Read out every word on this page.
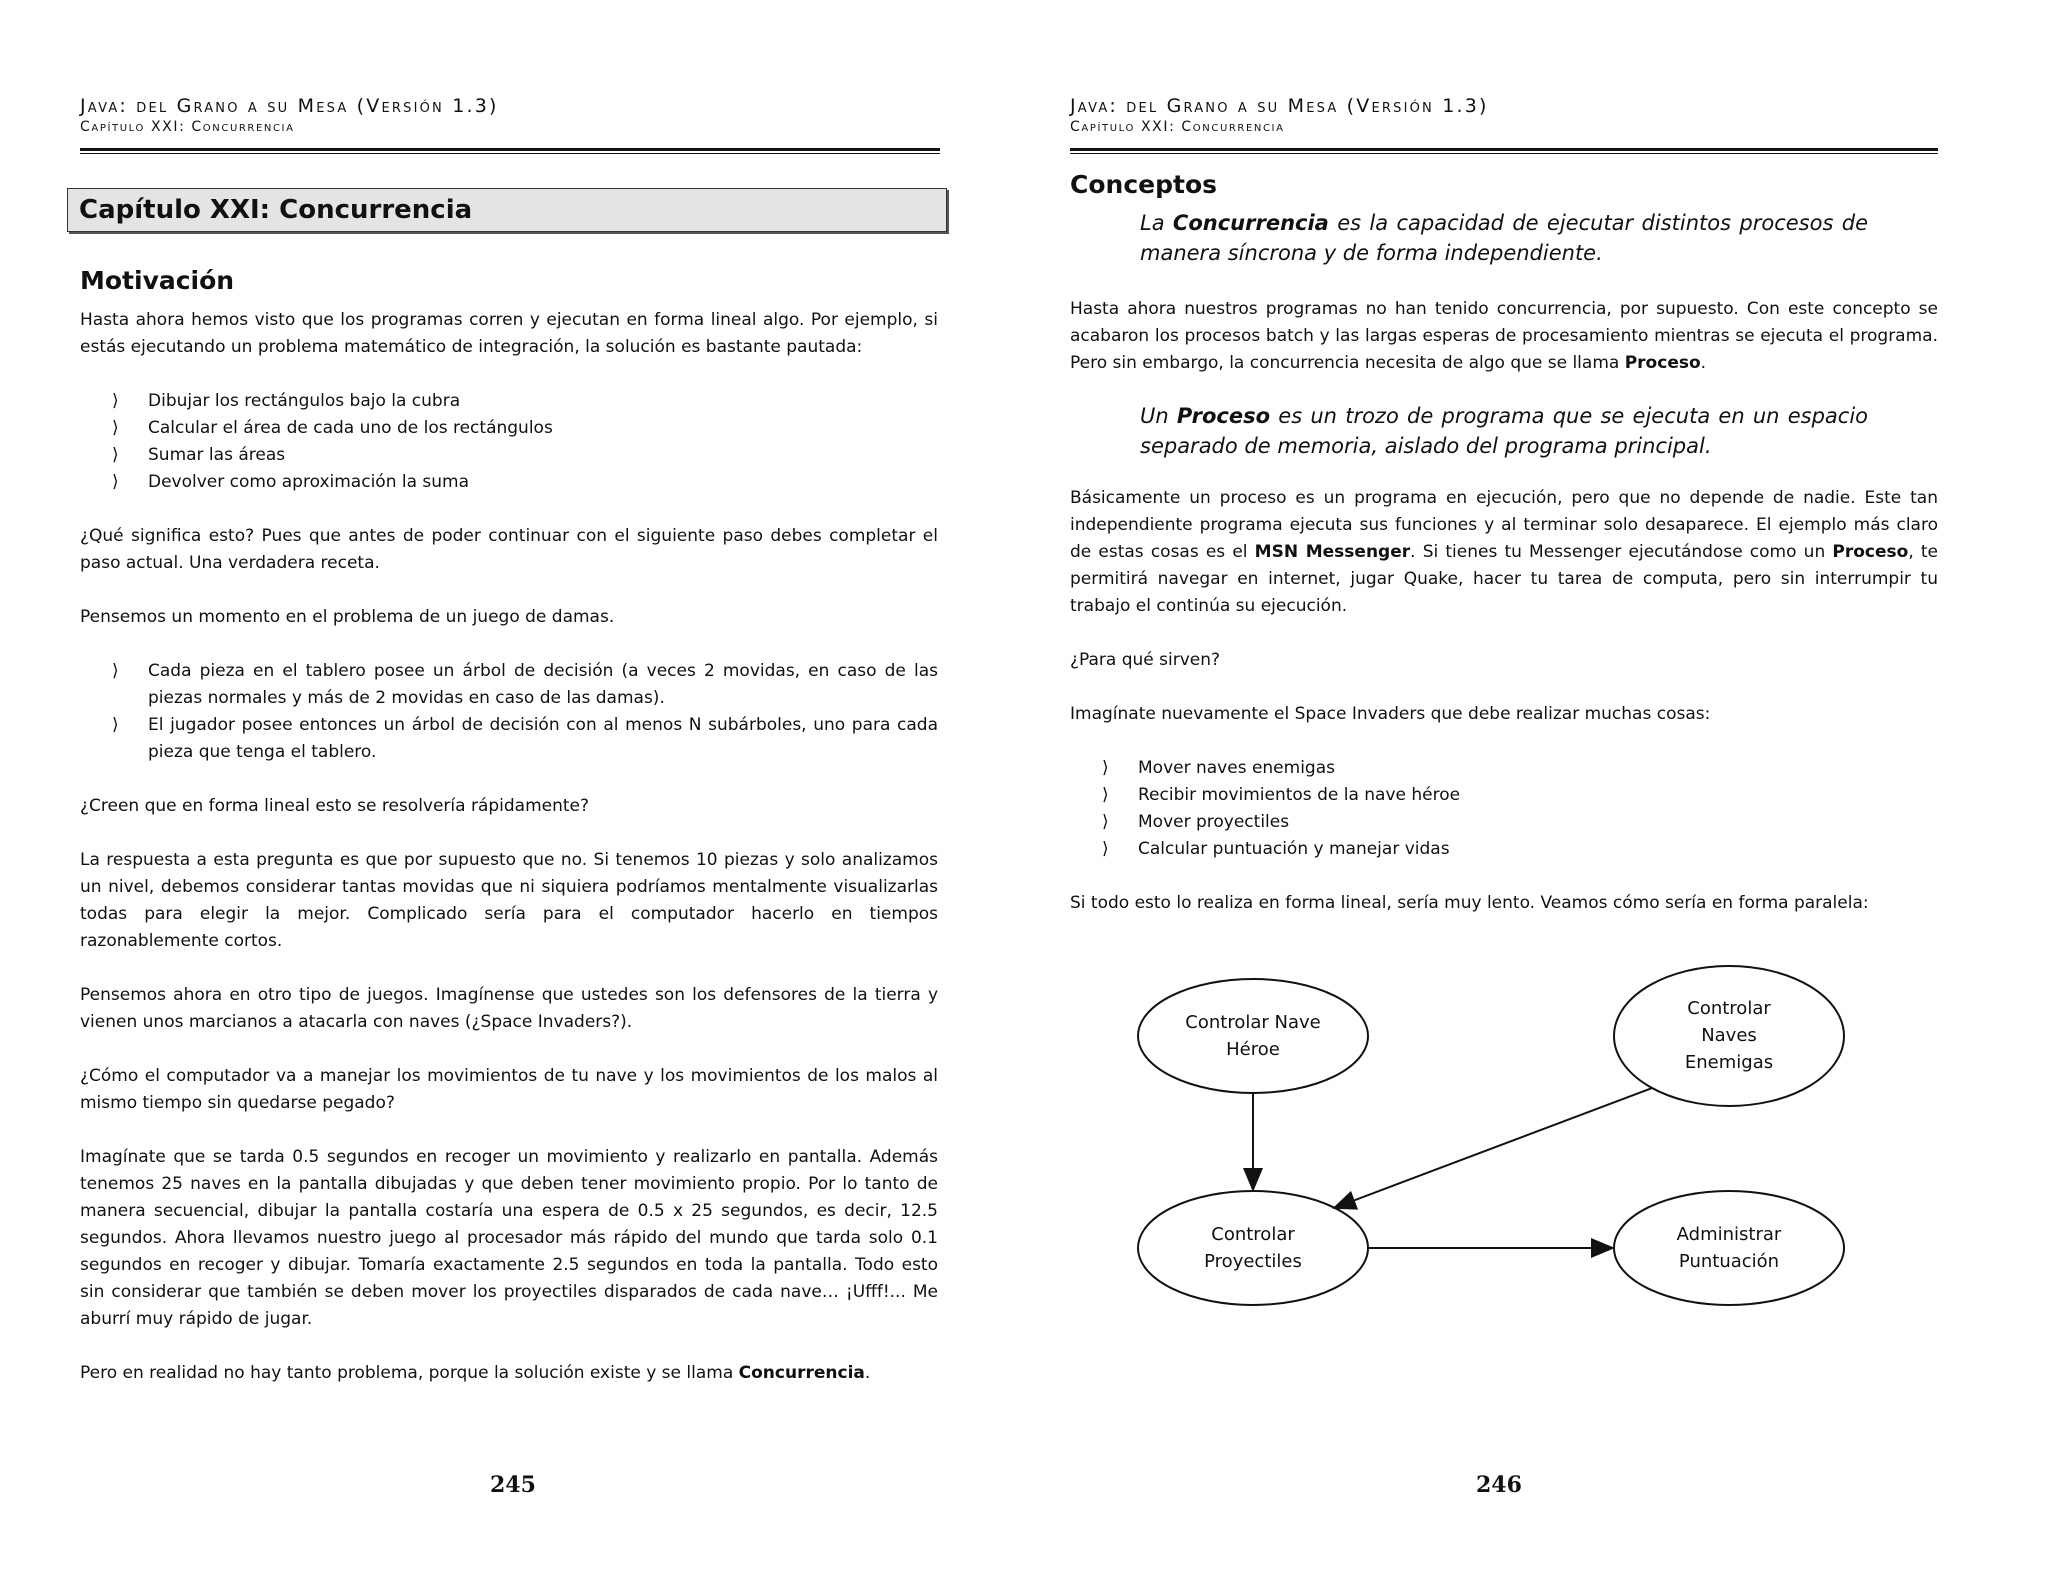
Java: del Grano a su Mesa (Versión 1.3)
Capítulo XXI: Concurrencia
Capítulo XXI: Concurrencia
Motivación

Hasta ahora hemos visto que los programas corren y ejecutan en forma lineal algo. Por ejemplo, si estás ejecutando un problema matemático de integración, la solución es bastante pautada:

⟩ Dibujar los rectángulos bajo la cubra
⟩ Calcular el área de cada uno de los rectángulos
⟩ Sumar las áreas
⟩ Devolver como aproximación la suma

¿Qué significa esto? Pues que antes de poder continuar con el siguiente paso debes completar el paso actual. Una verdadera receta.

Pensemos un momento en el problema de un juego de damas.

⟩ Cada pieza en el tablero posee un árbol de decisión (a veces 2 movidas, en caso de las piezas normales y más de 2 movidas en caso de las damas).
⟩ El jugador posee entonces un árbol de decisión con al menos N subárboles, uno para cada pieza que tenga el tablero.

¿Creen que en forma lineal esto se resolvería rápidamente?

La respuesta a esta pregunta es que por supuesto que no. Si tenemos 10 piezas y solo analizamos un nivel, debemos considerar tantas movidas que ni siquiera podríamos mentalmente visualizarlas todas para elegir la mejor. Complicado sería para el computador hacerlo en tiempos razonablemente cortos.

Pensemos ahora en otro tipo de juegos. Imagínense que ustedes son los defensores de la tierra y vienen unos marcianos a atacarla con naves (¿Space Invaders?).

¿Cómo el computador va a manejar los movimientos de tu nave y los movimientos de los malos al mismo tiempo sin quedarse pegado?

Imagínate que se tarda 0.5 segundos en recoger un movimiento y realizarlo en pantalla. Además tenemos 25 naves en la pantalla dibujadas y que deben tener movimiento propio. Por lo tanto de manera secuencial, dibujar la pantalla costaría una espera de 0.5 x 25 segundos, es decir, 12.5 segundos. Ahora llevamos nuestro juego al procesador más rápido del mundo que tarda solo 0.1 segundos en recoger y dibujar. Tomaría exactamente 2.5 segundos en toda la pantalla. Todo esto sin considerar que también se deben mover los proyectiles disparados de cada nave… ¡Ufff!... Me aburrí muy rápido de jugar.

Pero en realidad no hay tanto problema, porque la solución existe y se llama Concurrencia.

245
Java: del Grano a su Mesa (Versión 1.3)
Capítulo XXI: Concurrencia
Conceptos
La Concurrencia es la capacidad de ejecutar distintos procesos de manera síncrona y de forma independiente.

Hasta ahora nuestros programas no han tenido concurrencia, por supuesto. Con este concepto se acabaron los procesos batch y las largas esperas de procesamiento mientras se ejecuta el programa. Pero sin embargo, la concurrencia necesita de algo que se llama Proceso.

Un Proceso es un trozo de programa que se ejecuta en un espacio separado de memoria, aislado del programa principal.

Básicamente un proceso es un programa en ejecución, pero que no depende de nadie. Este tan independiente programa ejecuta sus funciones y al terminar solo desaparece. El ejemplo más claro de estas cosas es el MSN Messenger. Si tienes tu Messenger ejecutándose como un Proceso, te permitirá navegar en internet, jugar Quake, hacer tu tarea de computa, pero sin interrumpir tu trabajo el continúa su ejecución.

¿Para qué sirven?

Imagínate nuevamente el Space Invaders que debe realizar muchas cosas:

⟩ Mover naves enemigas
⟩ Recibir movimientos de la nave héroe
⟩ Mover proyectiles
⟩ Calcular puntuación y manejar vidas

Si todo esto lo realiza en forma lineal, sería muy lento. Veamos cómo sería en forma paralela:

246
Controlar Nave
Héroe
Controlar
Naves
Enemigas
Controlar
Proyectiles
Administrar
Puntuación
